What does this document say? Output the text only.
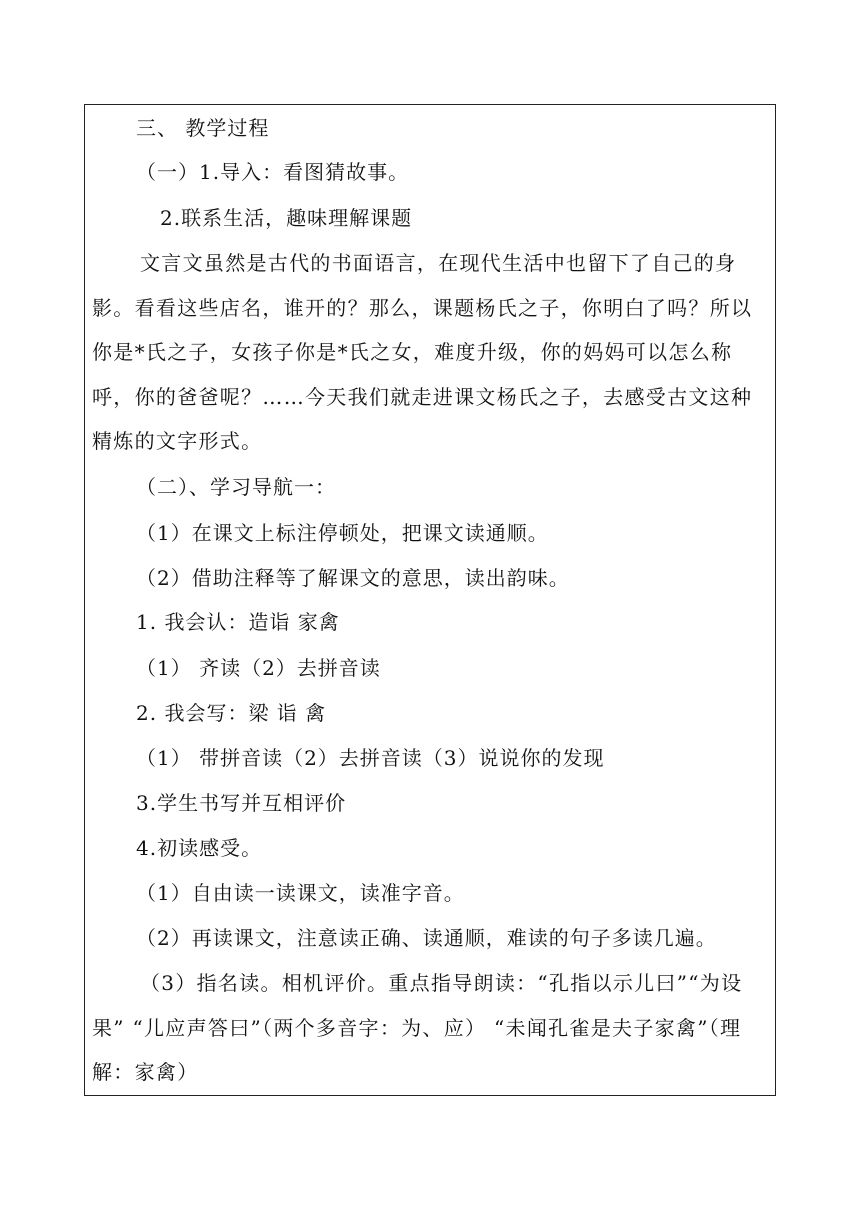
三、 教学过程
（一）1.导入：看图猜故事。
2.联系生活，趣味理解课题
文言文虽然是古代的书面语言，在现代生活中也留下了自己的身影。看看这些店名，谁开的？那么，课题杨氏之子，你明白了吗？所以你是*氏之子，女孩子你是*氏之女，难度升级，你的妈妈可以怎么称呼，你的爸爸呢？……今天我们就走进课文杨氏之子，去感受古文这种精炼的文字形式。
（二）、学习导航一：
（1）在课文上标注停顿处，把课文读通顺。
（2）借助注释等了解课文的意思，读出韵味。
1. 我会认：造诣 家禽
（1） 齐读（2）去拼音读
2. 我会写：梁 诣 禽
（1） 带拼音读（2）去拼音读（3）说说你的发现
3.学生书写并互相评价
4.初读感受。
（1）自由读一读课文，读准字音。
（2）再读课文，注意读正确、读通顺，难读的句子多读几遍。
（3）指名读。相机评价。重点指导朗读：“孔指以示儿曰”“为设果” “儿应声答曰”（两个多音字：为、应） “未闻孔雀是夫子家禽”（理解：家禽）
